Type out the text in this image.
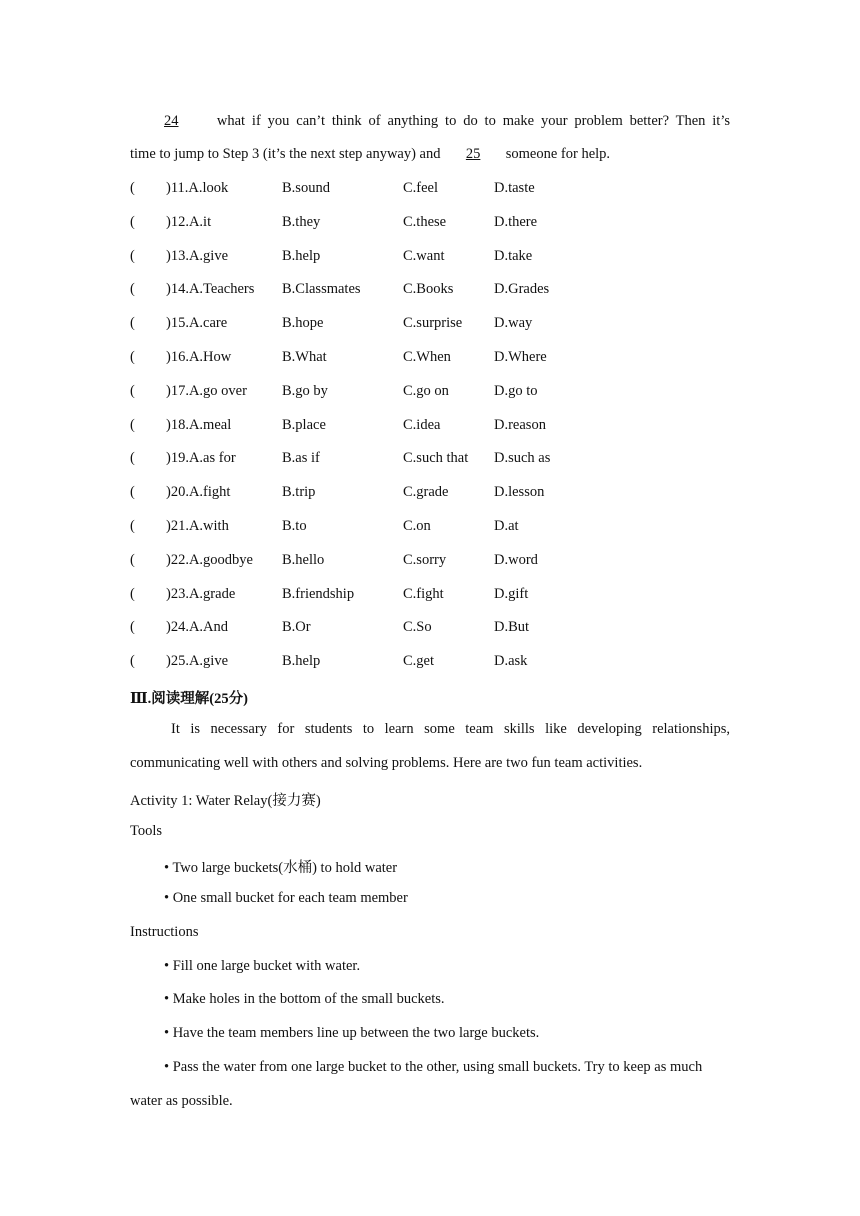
24	what if you can’t think of anything to do to make your problem better? Then it’s
time to jump to Step 3 (it’s the next step anyway) and 25 someone for help.
( )11.A.look	B.sound	C.feel	D.taste
( )12.A.it	B.they	C.these	D.there
( )13.A.give	B.help	C.want	D.take
( )14.A.Teachers B.Classmates	C.Books	D.Grades
( )15.A.care	B.hope	C.surprise D.way
( )16.A.How	B.What	C.When	D.Where
( )17.A.go over B.go by	C.go on	D.go to
( )18.A.meal	B.place	C.idea	D.reason
( )19.A.as for	B.as if	C.such that D.such as
( )20.A.fight	B.trip	C.grade	D.lesson
( )21.A.with	B.to	C.on	D.at
( )22.A.goodbye B.hello	C.sorry	D.word
( )23.A.grade	B.friendship	C.fight	D.gift
( )24.A.And	B.Or	C.So	D.But
( )25.A.give	B.help	C.get	D.ask
Ⅲ.阅读理解(25分)
It is necessary for students to learn some team skills like developing relationships,
communicating well with others and solving problems. Here are two fun team activities.
Activity 1: Water Relay(接力赛)
Tools
• Two large buckets(水桶) to hold water
• One small bucket for each team member
Instructions
• Fill one large bucket with water.
• Make holes in the bottom of the small buckets.
• Have the team members line up between the two large buckets.
• Pass the water from one large bucket to the other, using small buckets. Try to keep as much
water as possible.
